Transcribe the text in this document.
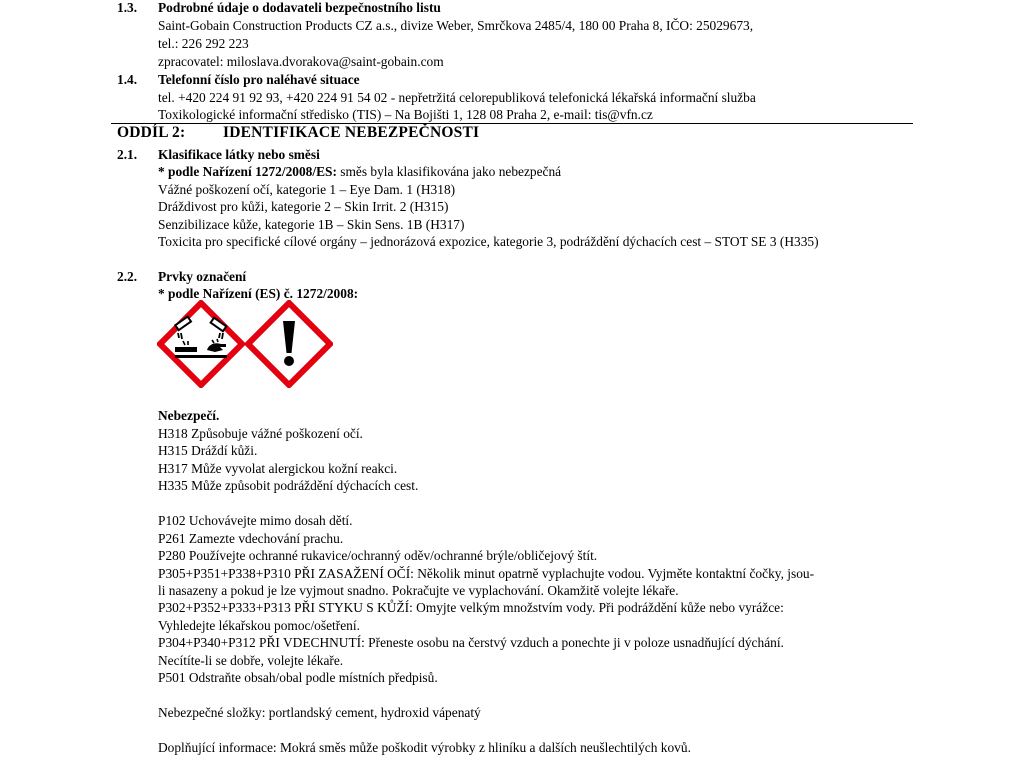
1.3. Podrobné údaje o dodavateli bezpečnostního listu
Saint-Gobain Construction Products CZ a.s., divize Weber, Smrčkova 2485/4, 180 00 Praha 8, IČO: 25029673,
tel.: 226 292 223
zpracovatel: miloslava.dvorakova@saint-gobain.com
1.4. Telefonní číslo pro naléhavé situace
tel. +420 224 91 92 93, +420 224 91 54 02 - nepřetržitá celorepubliková telefonická lékařská informační služba
Toxikologické informační středisko (TIS) – Na Bojišti 1, 128 08 Praha 2, e-mail: tis@vfn.cz
ODDÍL 2: IDENTIFIKACE NEBEZPEČNOSTI
2.1. Klasifikace látky nebo směsi
* podle Nařízení 1272/2008/ES: směs byla klasifikována jako nebezpečná
Vážné poškození očí, kategorie 1 – Eye Dam. 1 (H318)
Dráždivost pro kůži, kategorie 2 – Skin Irrit. 2 (H315)
Senzibilizace kůže, kategorie 1B – Skin Sens. 1B (H317)
Toxicita pro specifické cílové orgány – jednorázová expozice, kategorie 3, podráždění dýchacích cest – STOT SE 3 (H335)
2.2. Prvky označení
* podle Nařízení (ES) č. 1272/2008:
Nebezpečí.
H318 Způsobuje vážné poškození očí.
H315 Dráždí kůži.
H317 Může vyvolat alergickou kožní reakci.
H335 Může způsobit podráždění dýchacích cest.
P102 Uchovávejte mimo dosah dětí.
P261 Zamezte vdechování prachu.
P280 Používejte ochranné rukavice/ochranný oděv/ochranné brýle/obličejový štít.
P305+P351+P338+P310 PŘI ZASAŽENÍ OČÍ: Několik minut opatrně vyplachujte vodou. Vyjměte kontaktní čočky, jsou-
li nasazeny a pokud je lze vyjmout snadno. Pokračujte ve vyplachování. Okamžitě volejte lékaře.
P302+P352+P333+P313 PŘI STYKU S KŮŽÍ: Omyjte velkým množstvím vody. Při podráždění kůže nebo vyrážce:
Vyhledejte lékařskou pomoc/ošetření.
P304+P340+P312 PŘI VDECHNUTÍ: Přeneste osobu na čerstvý vzduch a ponechte ji v poloze usnadňující dýchání.
Necítíte-li se dobře, volejte lékaře.
P501 Odstraňte obsah/obal podle místních předpisů.
Nebezpečné složky: portlandský cement, hydroxid vápenatý
Doplňující informace: Mokrá směs může poškodit výrobky z hliníku a dalších neušlechtilých kovů.
